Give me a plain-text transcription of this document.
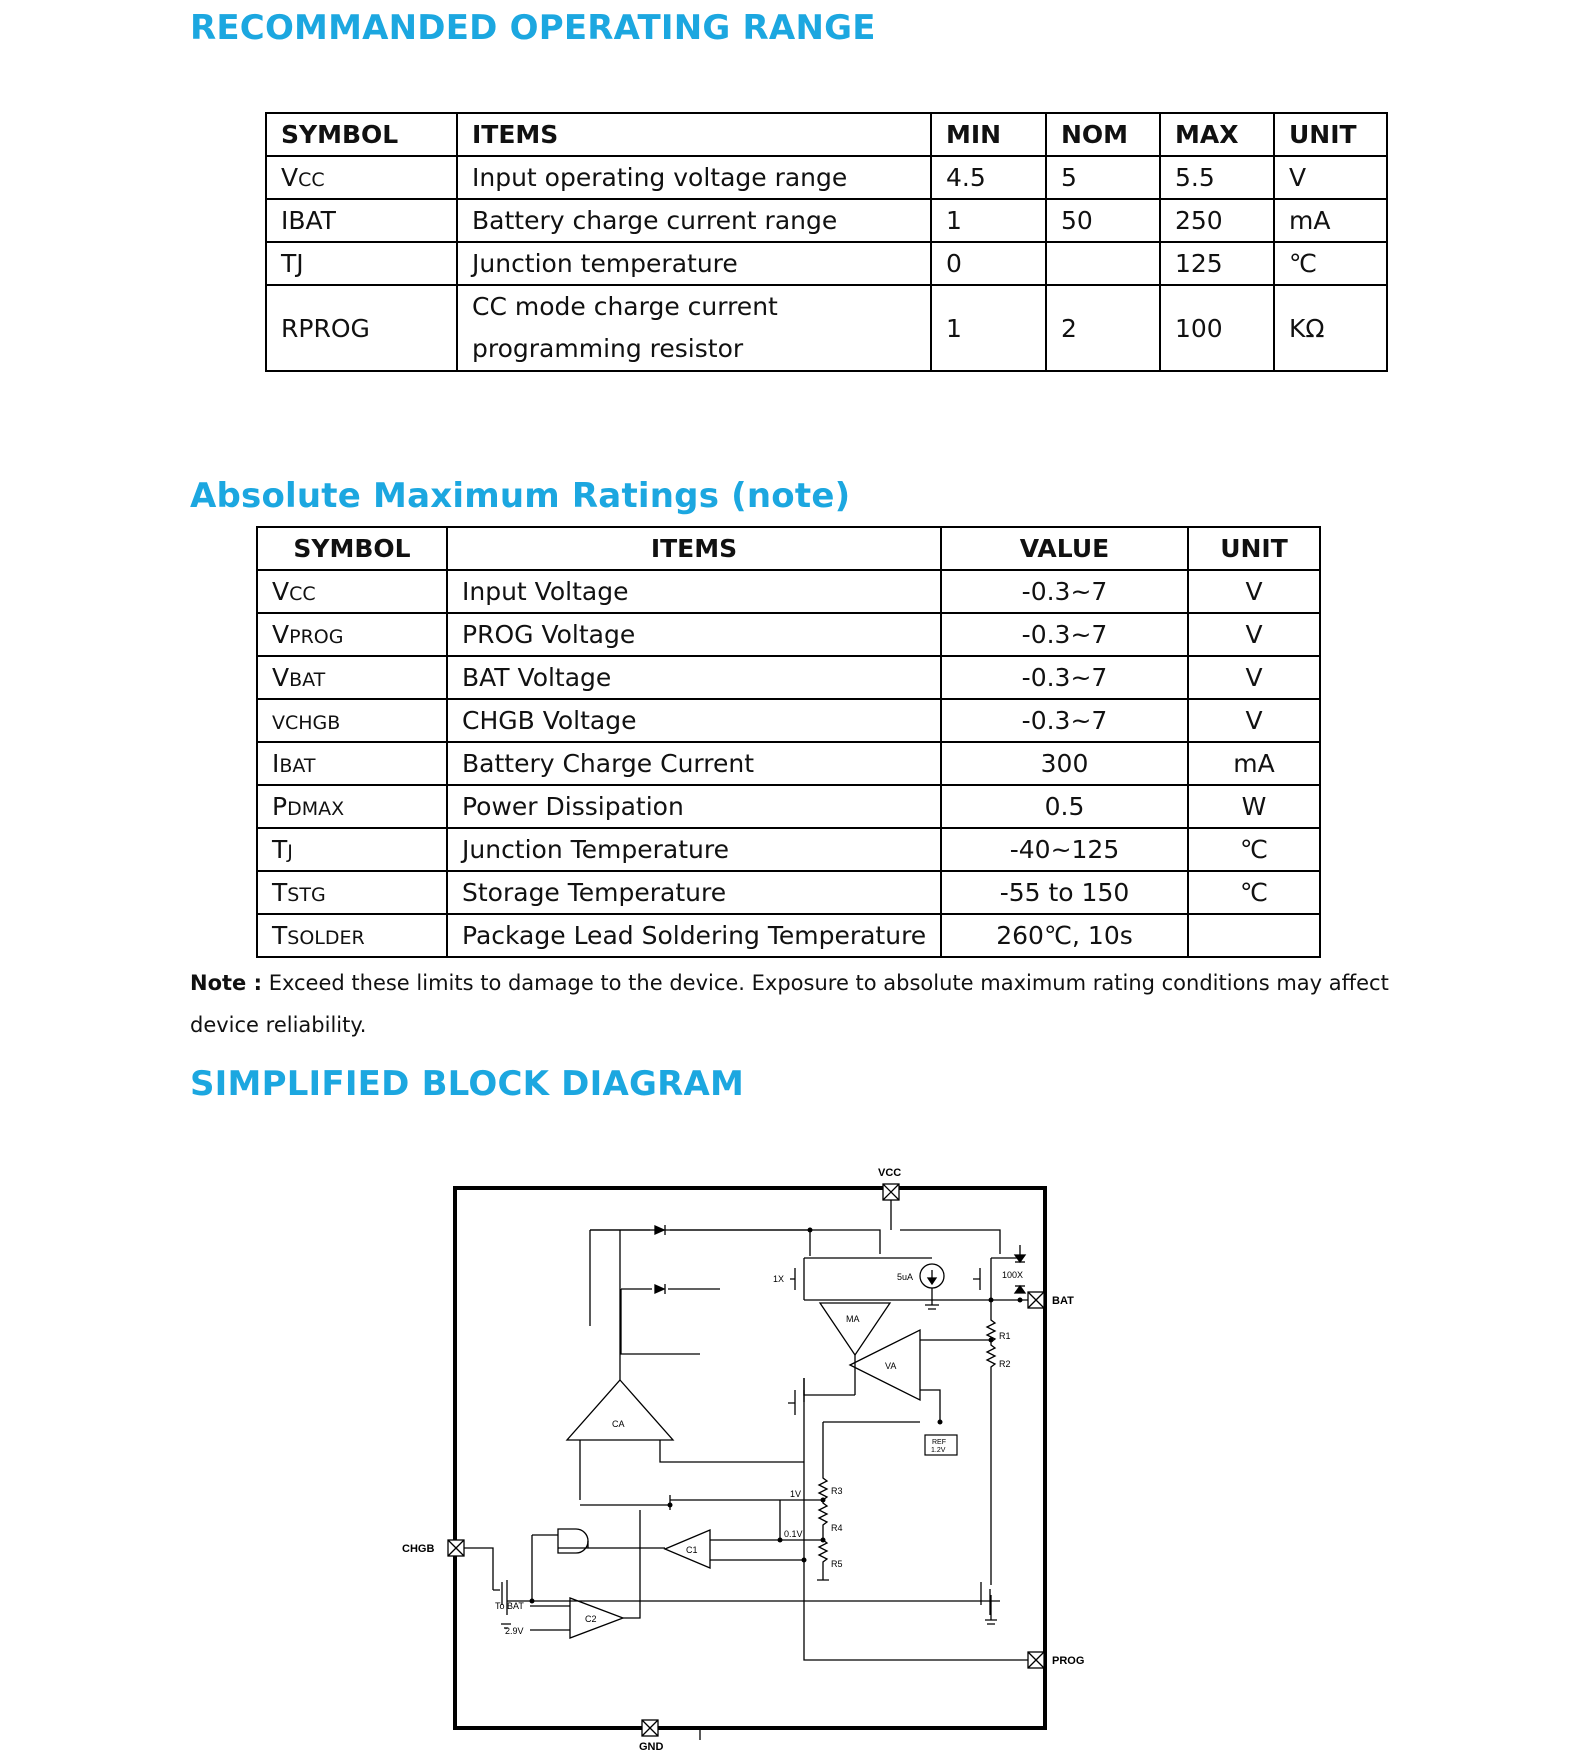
RECOMMANDED OPERATING RANGE
SYMBOL	ITEMS	MIN	NOM	MAX	UNIT
VCC	Input operating voltage range	4.5	5	5.5	V
IBAT	Battery charge current range	1	50	250	mA
TJ	Junction temperature	0		125	℃
RPROG	CC mode charge current
programming resistor	1	2	100	KΩ
Absolute Maximum Ratings (note)
SYMBOL	ITEMS	VALUE	UNIT
VCC	Input Voltage	-0.3~7	V
VPROG	PROG Voltage	-0.3~7	V
VBAT	BAT Voltage	-0.3~7	V
VCHGB	CHGB Voltage	-0.3~7	V
IBAT	Battery Charge Current	300	mA
PDMAX	Power Dissipation	0.5	W
TJ	Junction Temperature	-40~125	℃
TSTG	Storage Temperature	-55 to 150	℃
TSOLDER	Package Lead Soldering Temperature	260℃, 10s	

Note : Exceed these limits to damage to the device. Exposure to absolute maximum rating conditions may affect device reliability.

SIMPLIFIED BLOCK DIAGRAM
VCC
BAT
CHGB
PROG
GND
1X	100X
5uA
MA
VA
CA
C1
C2
R1
R2
R3
R4
R5
1V
0.1V
To BAT
2.9V
REF
1.2V
